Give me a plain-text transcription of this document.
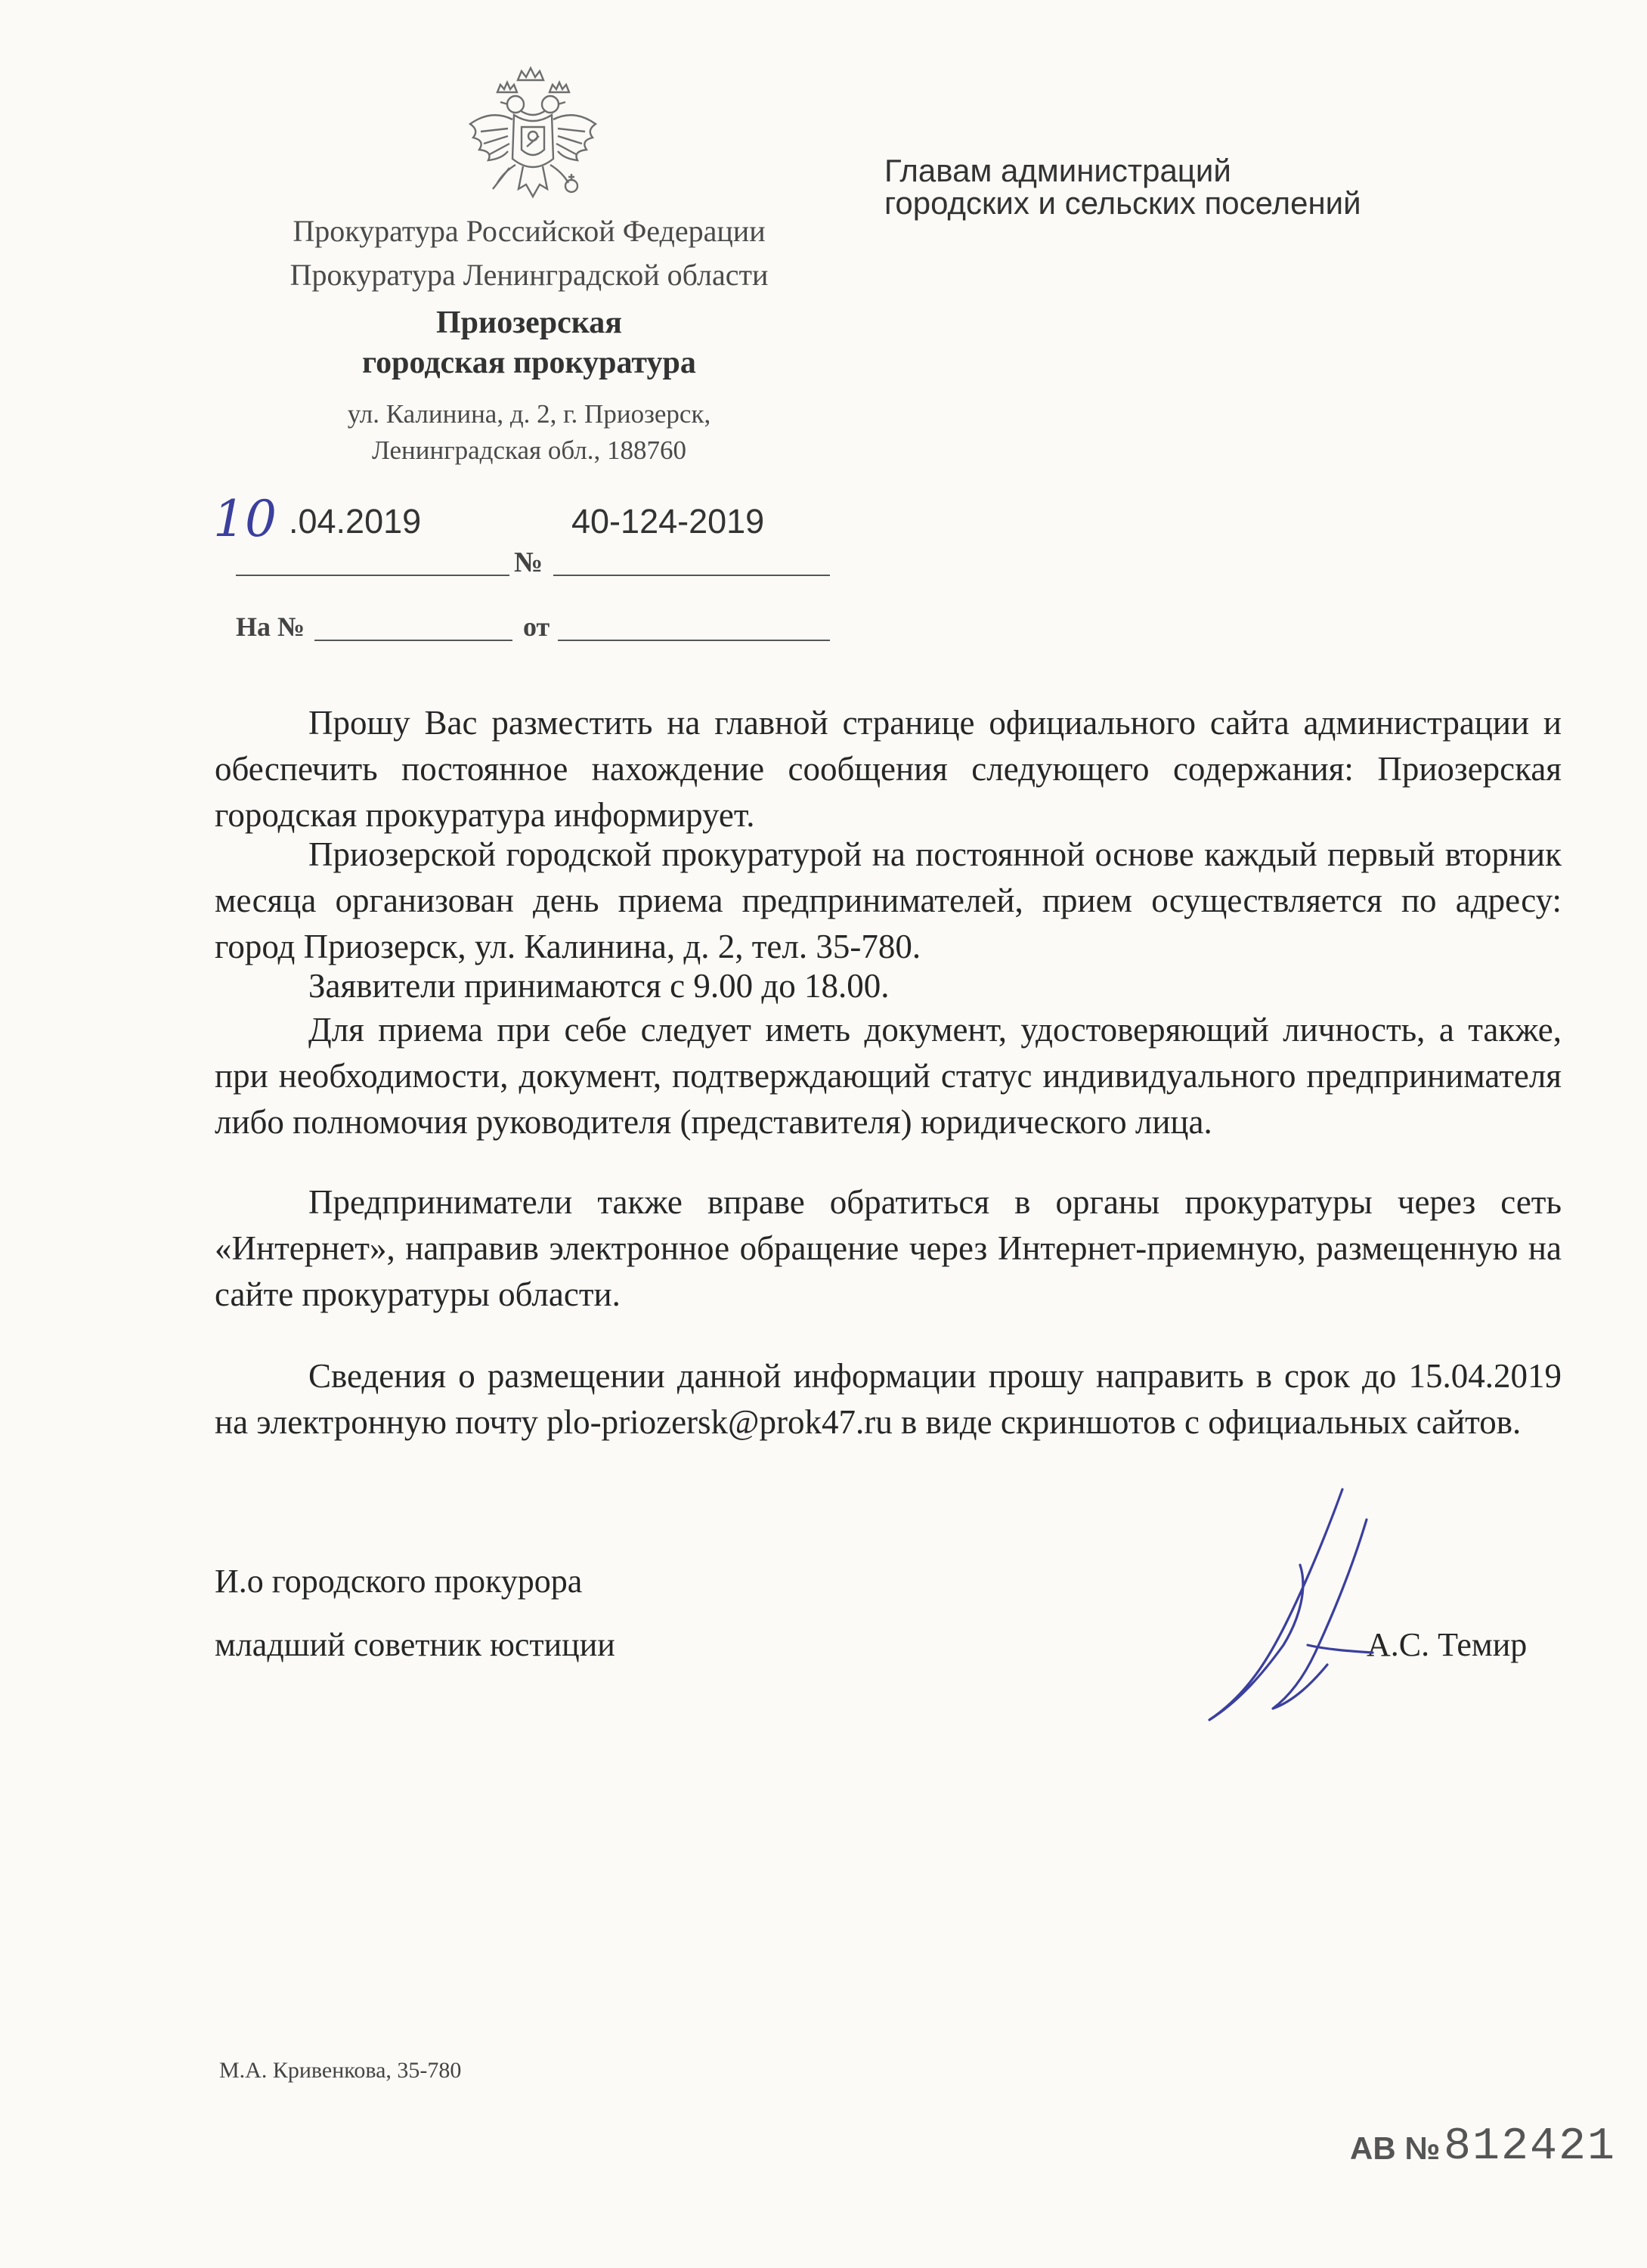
Прокуратура Российской Федерации
Прокуратура Ленинградской области
Приозерская
городская прокуратура
ул. Калинина, д. 2, г. Приозерск,
Ленинградская обл., 188760
10 .04.2019
№
40-124-2019
На №	от
Главам администраций
городских и сельских поселений

Прошу Вас разместить на главной странице официального сайта администрации и обеспечить постоянное нахождение сообщения следующего содержания: Приозерская городская прокуратура информирует.

Приозерской городской прокуратурой на постоянной основе каждый первый вторник месяца организован день приема предпринимателей, прием осуществляется по адресу: город Приозерск, ул. Калинина, д. 2, тел. 35-780.

Заявители принимаются с 9.00 до 18.00.

Для приема при себе следует иметь документ, удостоверяющий личность, а также, при необходимости, документ, подтверждающий статус индивидуального предпринимателя либо полномочия руководителя (представителя) юридического лица.

Предприниматели также вправе обратиться в органы прокуратуры через сеть «Интернет», направив электронное обращение через Интернет-приемную, размещенную на сайте прокуратуры области.

Сведения о размещении данной информации прошу направить в срок до 15.04.2019 на электронную почту plo-priozersk@prok47.ru в виде скриншотов с официальных сайтов.

И.о городского прокурора
младший советник юстиции	А.С. Темир
М.А. Кривенкова, 35-780
АВ № 812421
